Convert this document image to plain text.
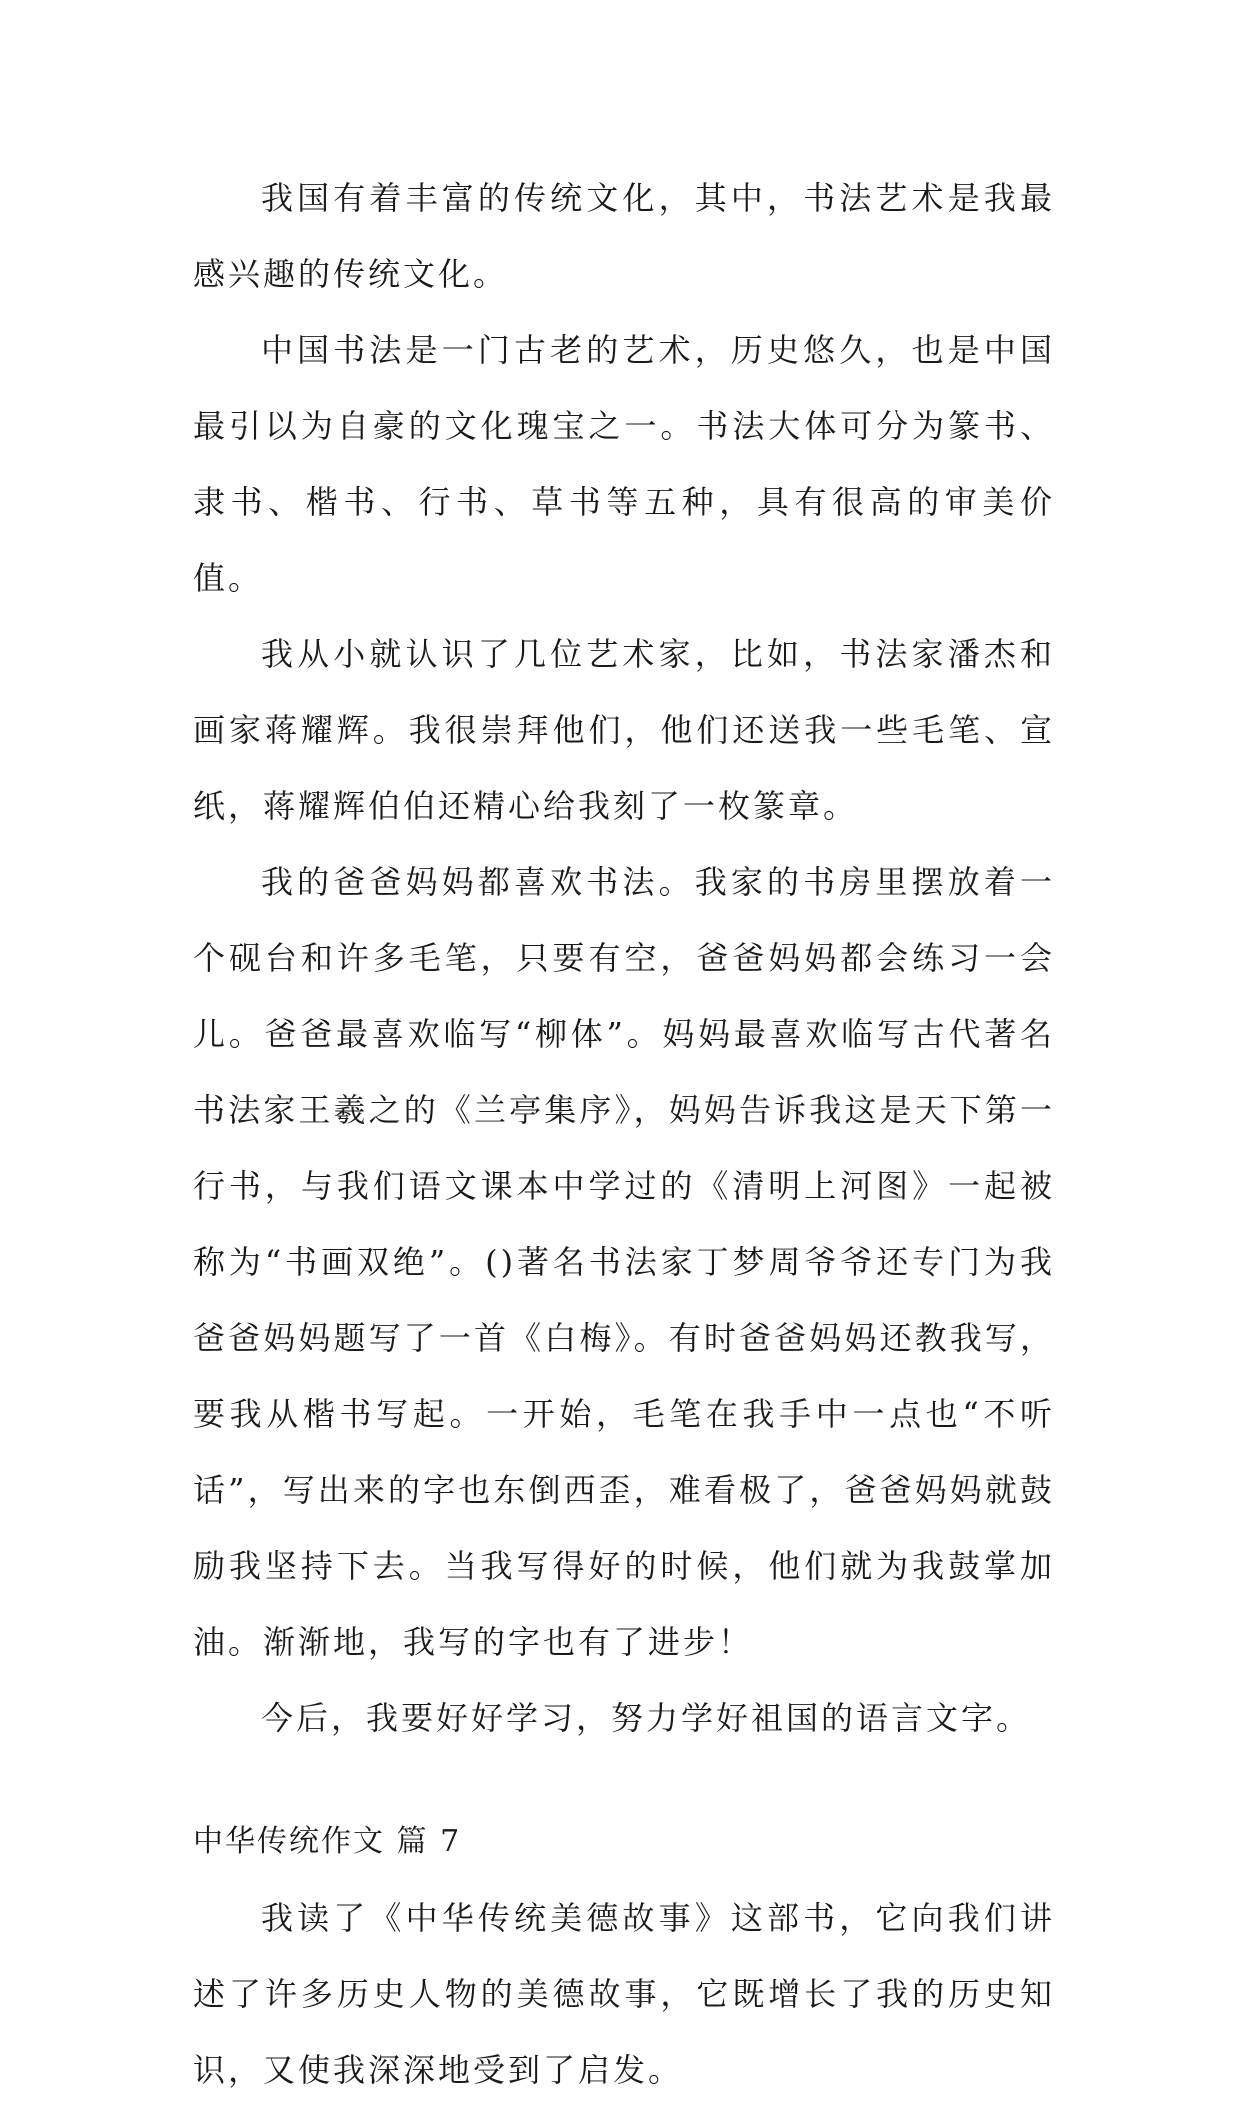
我国有着丰富的传统文化，其中，书法艺术是我最感兴趣的传统文化。

中国书法是一门古老的艺术，历史悠久，也是中国最引以为自豪的文化瑰宝之一。书法大体可分为篆书、隶书、楷书、行书、草书等五种，具有很高的审美价值。

我从小就认识了几位艺术家，比如，书法家潘杰和画家蒋耀辉。我很崇拜他们，他们还送我一些毛笔、宣纸，蒋耀辉伯伯还精心给我刻了一枚篆章。

我的爸爸妈妈都喜欢书法。我家的书房里摆放着一个砚台和许多毛笔，只要有空，爸爸妈妈都会练习一会儿。爸爸最喜欢临写“柳体”。妈妈最喜欢临写古代著名书法家王羲之的《兰亭集序》，妈妈告诉我这是天下第一行书，与我们语文课本中学过的《清明上河图》一起被称为“书画双绝”。()著名书法家丁梦周爷爷还专门为我爸爸妈妈题写了一首《白梅》。有时爸爸妈妈还教我写，要我从楷书写起。一开始，毛笔在我手中一点也“不听话”，写出来的字也东倒西歪，难看极了，爸爸妈妈就鼓励我坚持下去。当我写得好的时候，他们就为我鼓掌加油。渐渐地，我写的字也有了进步！

今后，我要好好学习，努力学好祖国的语言文字。

中华传统作文 篇 7

我读了《中华传统美德故事》这部书，它向我们讲述了许多历史人物的美德故事，它既增长了我的历史知识，又使我深深地受到了启发。
